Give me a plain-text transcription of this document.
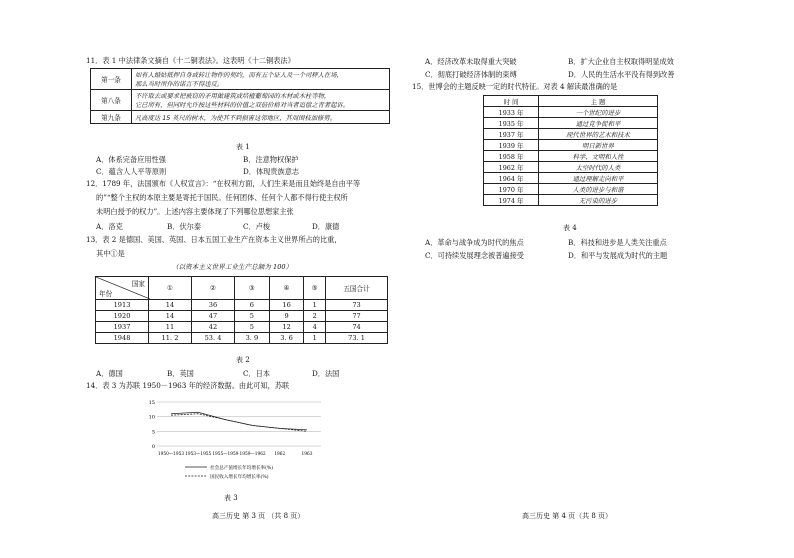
11．表 1 中法律条文摘自《十二铜表法》。这表明《十二铜表法》
第一条	如有人婚姑抵押自身或转让物件的契约，而有五个证人及一个司秤人在场，
那么当时所作的诺言不得违反。

第八条	不许取去或要求把被窃的矛用做建筑或培植葡萄园的木材或木柱等物，
它已所有，但同时允许按这些材料的价值之双倍价格对当者追偿之青者起诉。

第九条	凡高度达 15 英尺的树木，为使其不到损害这邻地区，其周围枝加修剪。
表 1
A．体系完备应用性强	B．注意物权保护
C．蕴含人人平等原则	D．体现贵族意志
12．1789 年，法国颁布《人权宣言》：“在权利方面，人们生来是而且始终是自由平等
的”“整个主权的本原主要是寄托于国民。任何团体、任何个人都不得行使主权所
未明白授予的权力”。上述内容主要体现了下列哪位思想家主张
A．洛克	B．伏尔泰	C．卢梭	D．康德
13．表 2 是德国、美国、英国、日本五国工业生产在资本主义世界所占的比重，
其中①是
（以资本主义世界工业生产总额为 100）
国家
年份	①	②	③	④	⑤	五国合计
1913	14	36	6	16	1	73
1920	14	47	5	9	2	77
1937	11	42	5	12	4	74
1948	11. 2	53. 4	3. 9	3. 6	1	73. 1
表 2
A．德国	B．英国	C．日本	D．法国
14．表 3 为苏联 1950－1963 年的经济数据。由此可知，苏联
15
10
5
0
1950—1953 1953—1955 1955—1959 1959—1962 1962	1963
社会总产值增长年均增长率(%)
国民收入增长年均增长率(%)
表 3
高三历史 第 3 页 （共 8 页）
A．经济改革未取得重大突破	B．扩大企业自主权取得明显成效
C．彻底打破经济体制的束缚	D．人民的生活水平没有得到改善
15．世博会的主题反映一定的时代特征。对表 4 解读最准确的是
时 间	主 题
1933 年	一个世纪的进步
1935 年	通过竞争促和平
1937 年	现代世界的艺术和技术
1939 年	明日新世界
1958 年	科学、文明和人性
1962 年	太空时代的人类
1964 年	通过理解走向和平
1970 年	人类的进步与和谐
1974 年	无污染的进步
表 4
A．革命与战争成为时代的焦点	B．科技和进步是人类关注重点
C．可持续发展理念被普遍接受	D．和平与发展成为时代的主题
高三历史 第 4 页（共 8 页）
